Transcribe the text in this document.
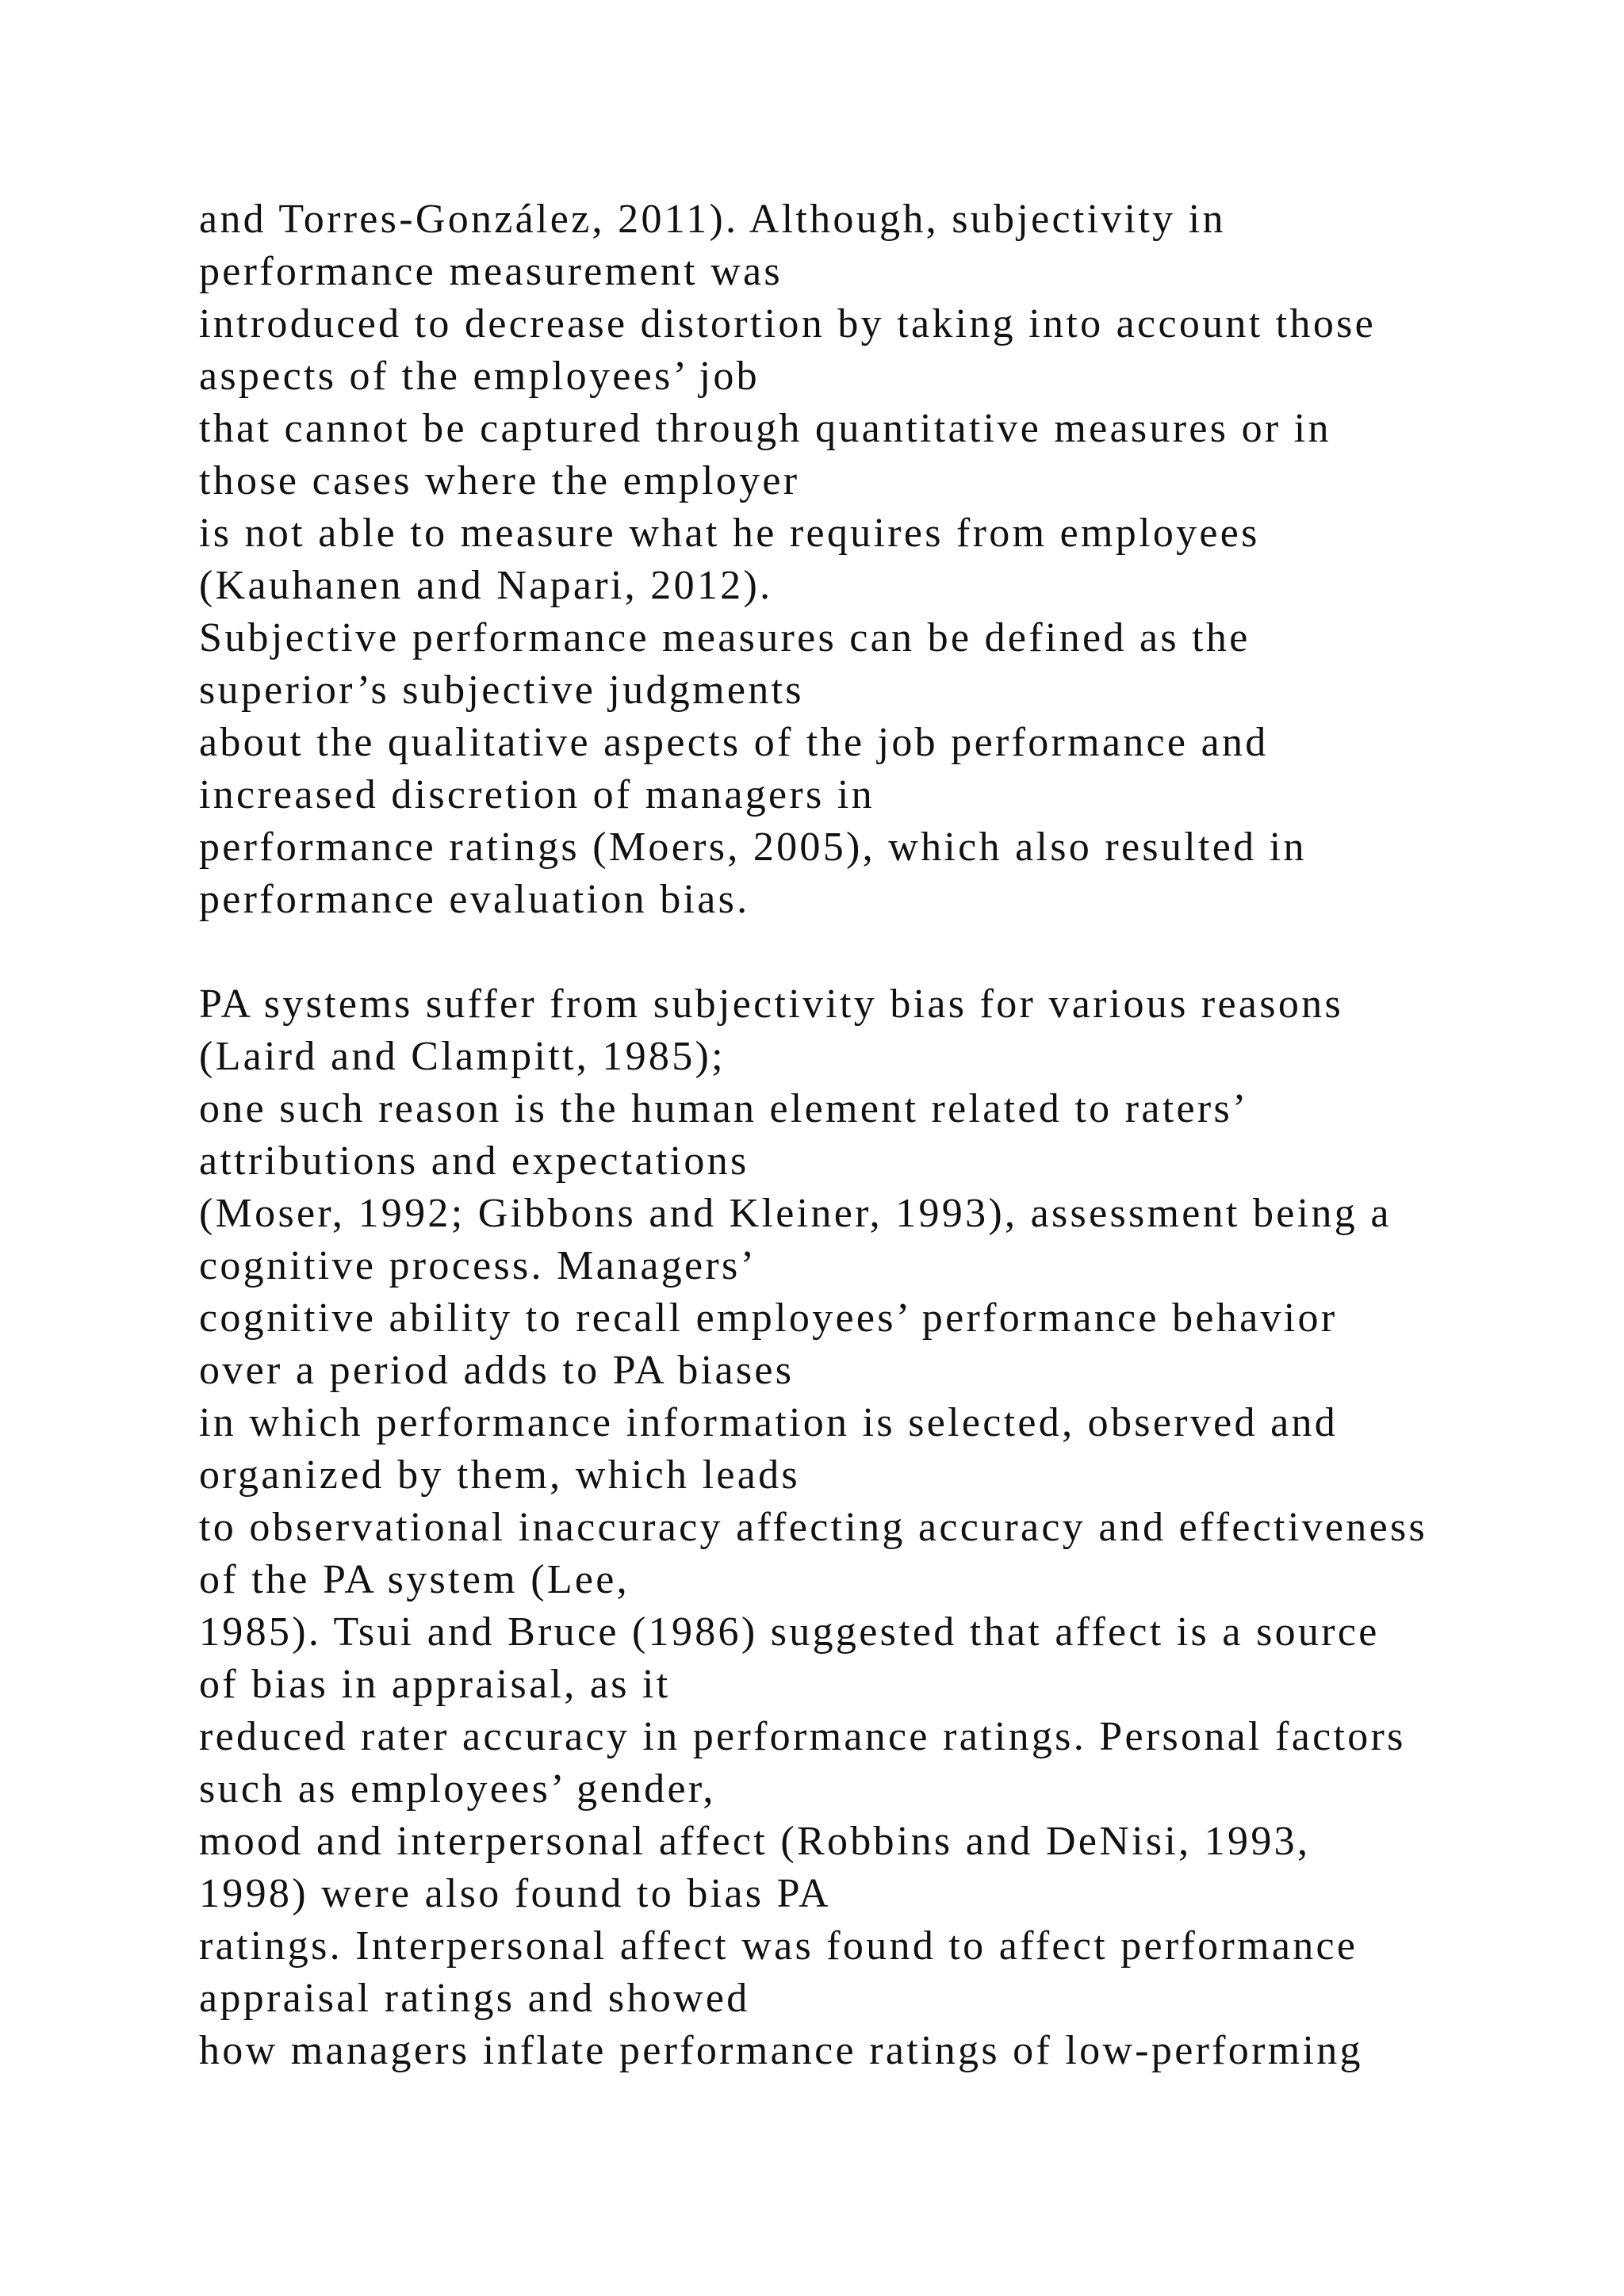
and Torres-González, 2011). Although, subjectivity in
performance measurement was
introduced to decrease distortion by taking into account those
aspects of the employees’ job
that cannot be captured through quantitative measures or in
those cases where the employer
is not able to measure what he requires from employees
(Kauhanen and Napari, 2012).
Subjective performance measures can be defined as the
superior’s subjective judgments
about the qualitative aspects of the job performance and
increased discretion of managers in
performance ratings (Moers, 2005), which also resulted in
performance evaluation bias.
PA systems suffer from subjectivity bias for various reasons
(Laird and Clampitt, 1985);
one such reason is the human element related to raters’
attributions and expectations
(Moser, 1992; Gibbons and Kleiner, 1993), assessment being a
cognitive process. Managers’
cognitive ability to recall employees’ performance behavior
over a period adds to PA biases
in which performance information is selected, observed and
organized by them, which leads
to observational inaccuracy affecting accuracy and effectiveness
of the PA system (Lee,
1985). Tsui and Bruce (1986) suggested that affect is a source
of bias in appraisal, as it
reduced rater accuracy in performance ratings. Personal factors
such as employees’ gender,
mood and interpersonal affect (Robbins and DeNisi, 1993,
1998) were also found to bias PA
ratings. Interpersonal affect was found to affect performance
appraisal ratings and showed
how managers inflate performance ratings of low-performing
